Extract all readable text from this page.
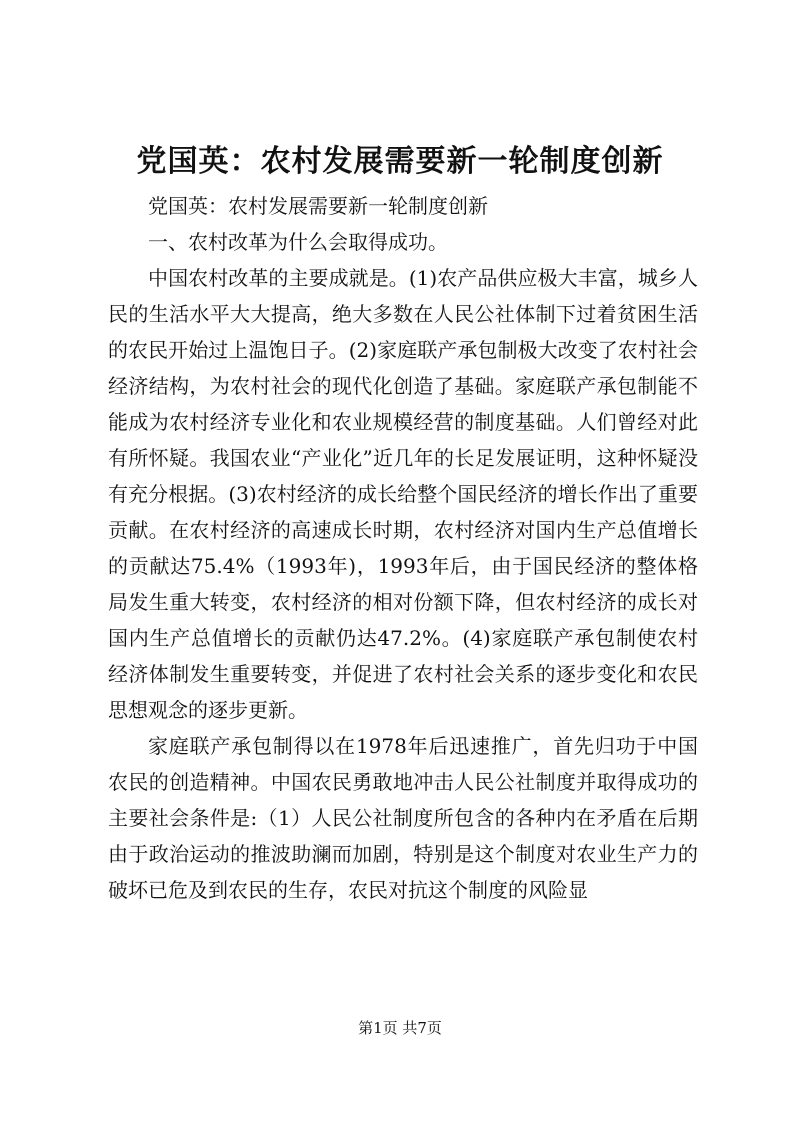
党国英：农村发展需要新一轮制度创新

党国英：农村发展需要新一轮制度创新

一、农村改革为什么会取得成功。

中国农村改革的主要成就是。(1)农产品供应极大丰富，城乡人民的生活水平大大提高，绝大多数在人民公社体制下过着贫困生活的农民开始过上温饱日子。(2)家庭联产承包制极大改变了农村社会经济结构，为农村社会的现代化创造了基础。家庭联产承包制能不能成为农村经济专业化和农业规模经营的制度基础。人们曾经对此有所怀疑。我国农业“产业化”近几年的长足发展证明，这种怀疑没有充分根据。(3)农村经济的成长给整个国民经济的增长作出了重要贡献。在农村经济的高速成长时期，农村经济对国内生产总值增长的贡献达75.4%（1993年)，1993年后，由于国民经济的整体格局发生重大转变，农村经济的相对份额下降，但农村经济的成长对国内生产总值增长的贡献仍达47.2%。(4)家庭联产承包制使农村经济体制发生重要转变，并促进了农村社会关系的逐步变化和农民思想观念的逐步更新。

家庭联产承包制得以在1978年后迅速推广，首先归功于中国农民的创造精神。中国农民勇敢地冲击人民公社制度并取得成功的主要社会条件是:（1）人民公社制度所包含的各种内在矛盾在后期由于政治运动的推波助澜而加剧，特别是这个制度对农业生产力的破坏已危及到农民的生存，农民对抗这个制度的风险显

第1页 共7页
